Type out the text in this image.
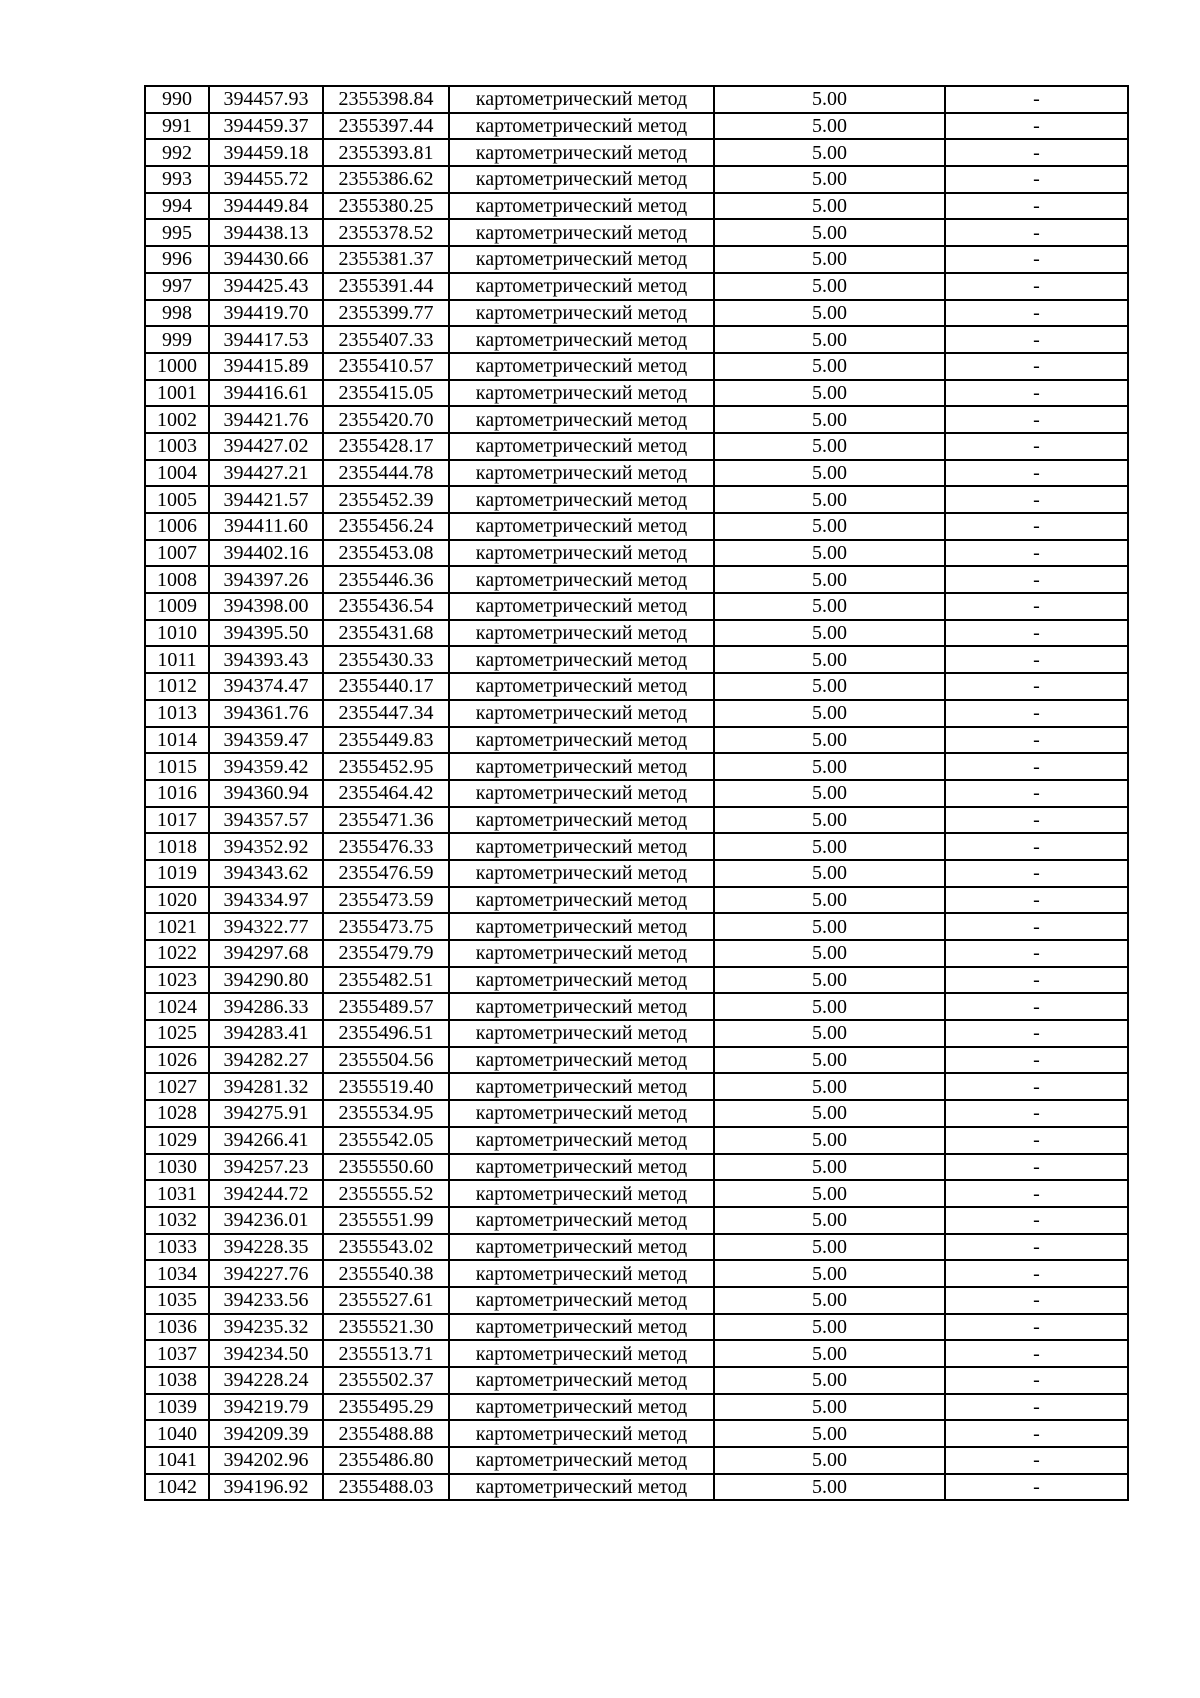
990	394457.93	2355398.84	картометрический метод	5.00	-
991	394459.37	2355397.44	картометрический метод	5.00	-
992	394459.18	2355393.81	картометрический метод	5.00	-
993	394455.72	2355386.62	картометрический метод	5.00	-
994	394449.84	2355380.25	картометрический метод	5.00	-
995	394438.13	2355378.52	картометрический метод	5.00	-
996	394430.66	2355381.37	картометрический метод	5.00	-
997	394425.43	2355391.44	картометрический метод	5.00	-
998	394419.70	2355399.77	картометрический метод	5.00	-
999	394417.53	2355407.33	картометрический метод	5.00	-
1000	394415.89	2355410.57	картометрический метод	5.00	-
1001	394416.61	2355415.05	картометрический метод	5.00	-
1002	394421.76	2355420.70	картометрический метод	5.00	-
1003	394427.02	2355428.17	картометрический метод	5.00	-
1004	394427.21	2355444.78	картометрический метод	5.00	-
1005	394421.57	2355452.39	картометрический метод	5.00	-
1006	394411.60	2355456.24	картометрический метод	5.00	-
1007	394402.16	2355453.08	картометрический метод	5.00	-
1008	394397.26	2355446.36	картометрический метод	5.00	-
1009	394398.00	2355436.54	картометрический метод	5.00	-
1010	394395.50	2355431.68	картометрический метод	5.00	-
1011	394393.43	2355430.33	картометрический метод	5.00	-
1012	394374.47	2355440.17	картометрический метод	5.00	-
1013	394361.76	2355447.34	картометрический метод	5.00	-
1014	394359.47	2355449.83	картометрический метод	5.00	-
1015	394359.42	2355452.95	картометрический метод	5.00	-
1016	394360.94	2355464.42	картометрический метод	5.00	-
1017	394357.57	2355471.36	картометрический метод	5.00	-
1018	394352.92	2355476.33	картометрический метод	5.00	-
1019	394343.62	2355476.59	картометрический метод	5.00	-
1020	394334.97	2355473.59	картометрический метод	5.00	-
1021	394322.77	2355473.75	картометрический метод	5.00	-
1022	394297.68	2355479.79	картометрический метод	5.00	-
1023	394290.80	2355482.51	картометрический метод	5.00	-
1024	394286.33	2355489.57	картометрический метод	5.00	-
1025	394283.41	2355496.51	картометрический метод	5.00	-
1026	394282.27	2355504.56	картометрический метод	5.00	-
1027	394281.32	2355519.40	картометрический метод	5.00	-
1028	394275.91	2355534.95	картометрический метод	5.00	-
1029	394266.41	2355542.05	картометрический метод	5.00	-
1030	394257.23	2355550.60	картометрический метод	5.00	-
1031	394244.72	2355555.52	картометрический метод	5.00	-
1032	394236.01	2355551.99	картометрический метод	5.00	-
1033	394228.35	2355543.02	картометрический метод	5.00	-
1034	394227.76	2355540.38	картометрический метод	5.00	-
1035	394233.56	2355527.61	картометрический метод	5.00	-
1036	394235.32	2355521.30	картометрический метод	5.00	-
1037	394234.50	2355513.71	картометрический метод	5.00	-
1038	394228.24	2355502.37	картометрический метод	5.00	-
1039	394219.79	2355495.29	картометрический метод	5.00	-
1040	394209.39	2355488.88	картометрический метод	5.00	-
1041	394202.96	2355486.80	картометрический метод	5.00	-
1042	394196.92	2355488.03	картометрический метод	5.00	-
